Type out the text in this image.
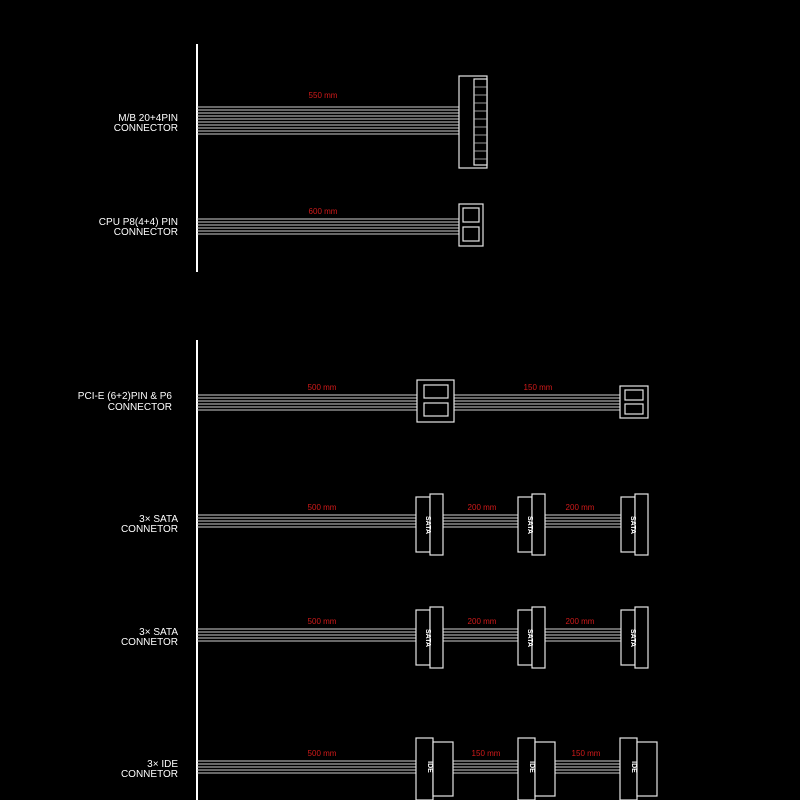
M/B 20+4PIN
CONNECTOR
550 mm
CPU P8(4+4) PIN
CONNECTOR
600 mm
PCI-E (6+2)PIN & P6
CONNECTOR
500 mm	150 mm
3× SATA
CONNETOR
500 mm	200 mm	200 mm
SATA	SATA	SATA
3× SATA
CONNETOR
500 mm	200 mm	200 mm
SATA	SATA	SATA
3× IDE
CONNETOR
500 mm	150 mm	150 mm
IDE	IDE	IDE
